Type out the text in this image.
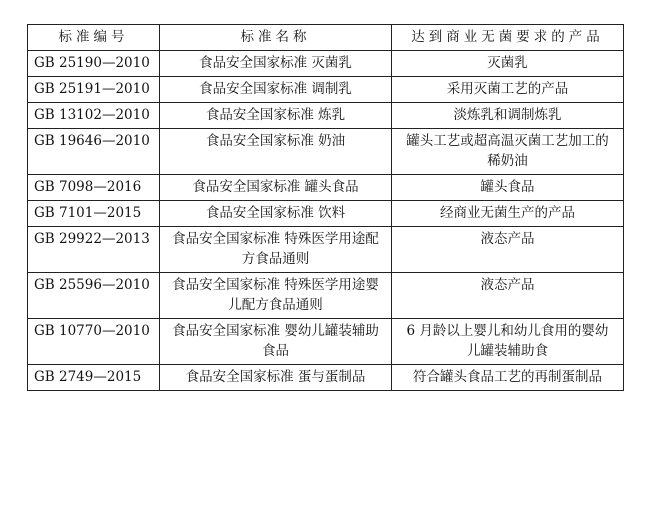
标准编号	标准名称	达到商业无菌要求的产品
GB 25190—2010	食品安全国家标准 灭菌乳	灭菌乳
GB 25191—2010	食品安全国家标准 调制乳	采用灭菌工艺的产品
GB 13102—2010	食品安全国家标准 炼乳	淡炼乳和调制炼乳
GB 19646—2010	食品安全国家标准 奶油	罐头工艺或超高温灭菌工艺加工的稀奶油
GB 7098—2016	食品安全国家标准 罐头食品	罐头食品
GB 7101—2015	食品安全国家标准 饮料	经商业无菌生产的产品
GB 29922—2013	食品安全国家标准 特殊医学用途配方食品通则	液态产品
GB 25596—2010	食品安全国家标准 特殊医学用途婴儿配方食品通则	液态产品
GB 10770—2010	食品安全国家标准 婴幼儿罐装辅助食品	6 月龄以上婴儿和幼儿食用的婴幼儿罐装辅助食
GB 2749—2015	食品安全国家标准 蛋与蛋制品	符合罐头食品工艺的再制蛋制品
